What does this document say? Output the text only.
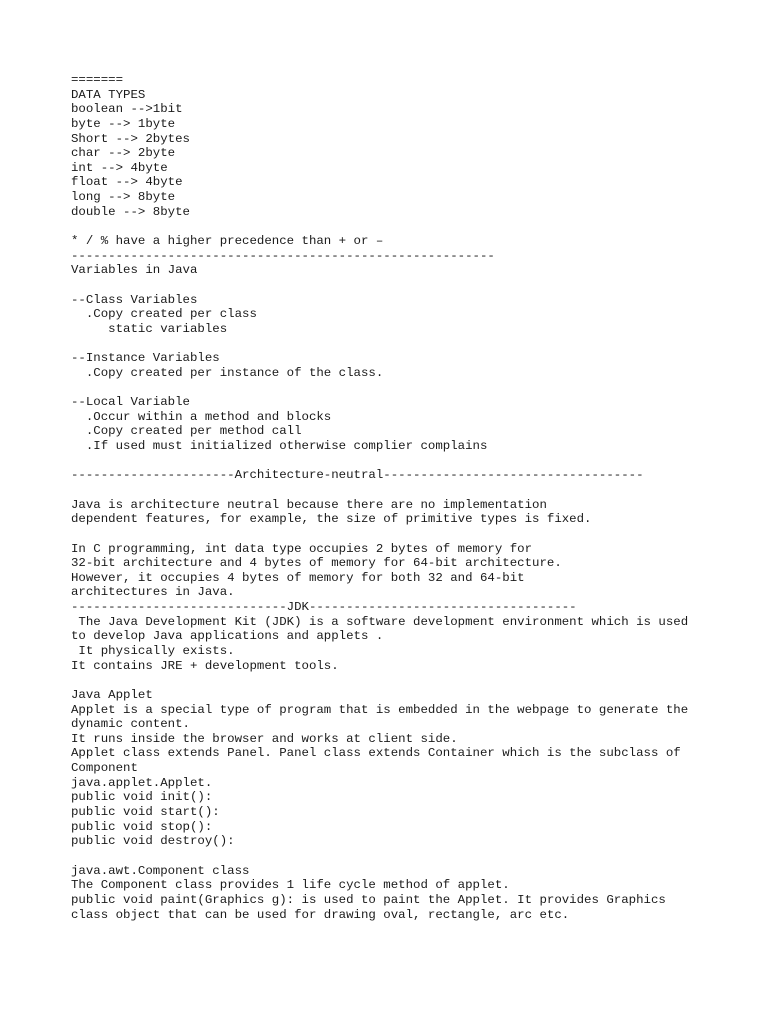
=======
DATA TYPES
boolean -->1bit
byte --> 1byte
Short --> 2bytes
char --> 2byte
int --> 4byte
float --> 4byte
long --> 8byte
double --> 8byte
* / % have a higher precedence than + or –
---------------------------------------------------------
Variables in Java
--Class Variables
.Copy created per class
static variables
--Instance Variables
.Copy created per instance of the class.
--Local Variable
.Occur within a method and blocks
.Copy created per method call
.If used must initialized otherwise complier complains
----------------------Architecture-neutral-----------------------------------
Java is architecture neutral because there are no implementation
dependent features, for example, the size of primitive types is fixed.
In C programming, int data type occupies 2 bytes of memory for
32-bit architecture and 4 bytes of memory for 64-bit architecture.
However, it occupies 4 bytes of memory for both 32 and 64-bit
architectures in Java.
-----------------------------JDK------------------------------------
The Java Development Kit (JDK) is a software development environment which is used
to develop Java applications and applets .
It physically exists.
It contains JRE + development tools.
Java Applet
Applet is a special type of program that is embedded in the webpage to generate the
dynamic content.
It runs inside the browser and works at client side.
Applet class extends Panel. Panel class extends Container which is the subclass of
Component
java.applet.Applet.
public void init():
public void start():
public void stop():
public void destroy():
java.awt.Component class
The Component class provides 1 life cycle method of applet.
public void paint(Graphics g): is used to paint the Applet. It provides Graphics
class object that can be used for drawing oval, rectangle, arc etc.
